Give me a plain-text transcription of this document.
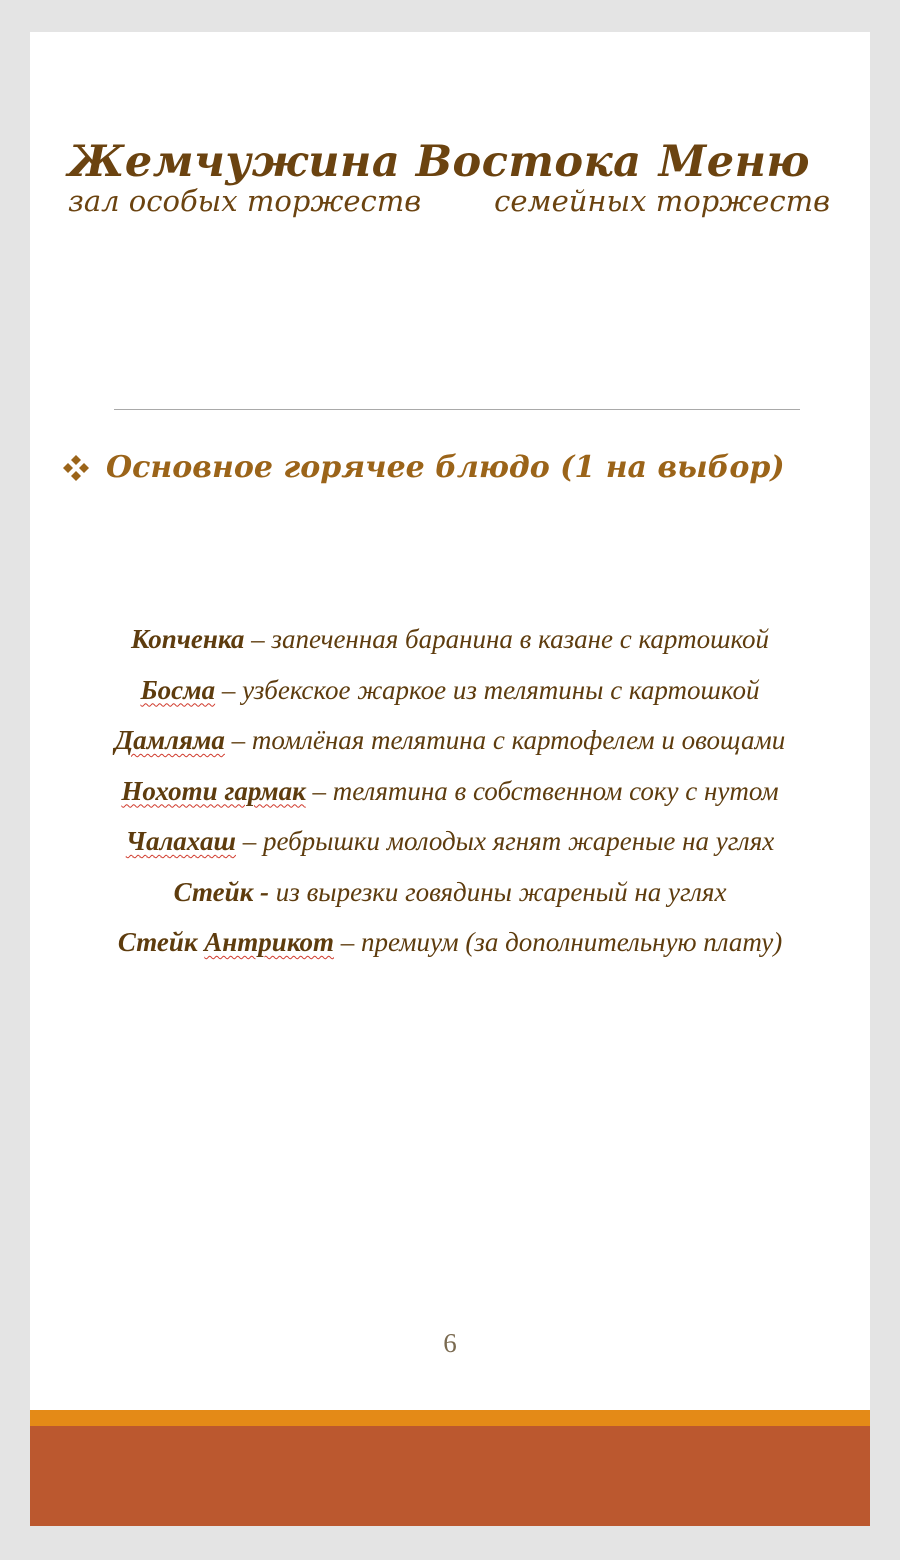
Жемчужина Востока
зал особых торжеств
Меню
семейных торжеств
Основное горячее блюдо (1 на выбор)
Копченка – запеченная баранина в казане с картошкой
Босма – узбекское жаркое из телятины с картошкой
Дамляма – томлёная телятина с картофелем и овощами
Нохоти гармак – телятина в собственном соку с нутом
Чалахаш – ребрышки молодых ягнят жареные на углях
Стейк - из вырезки говядины жареный на углях
Стейк Антрикот – премиум (за дополнительную плату)
6
